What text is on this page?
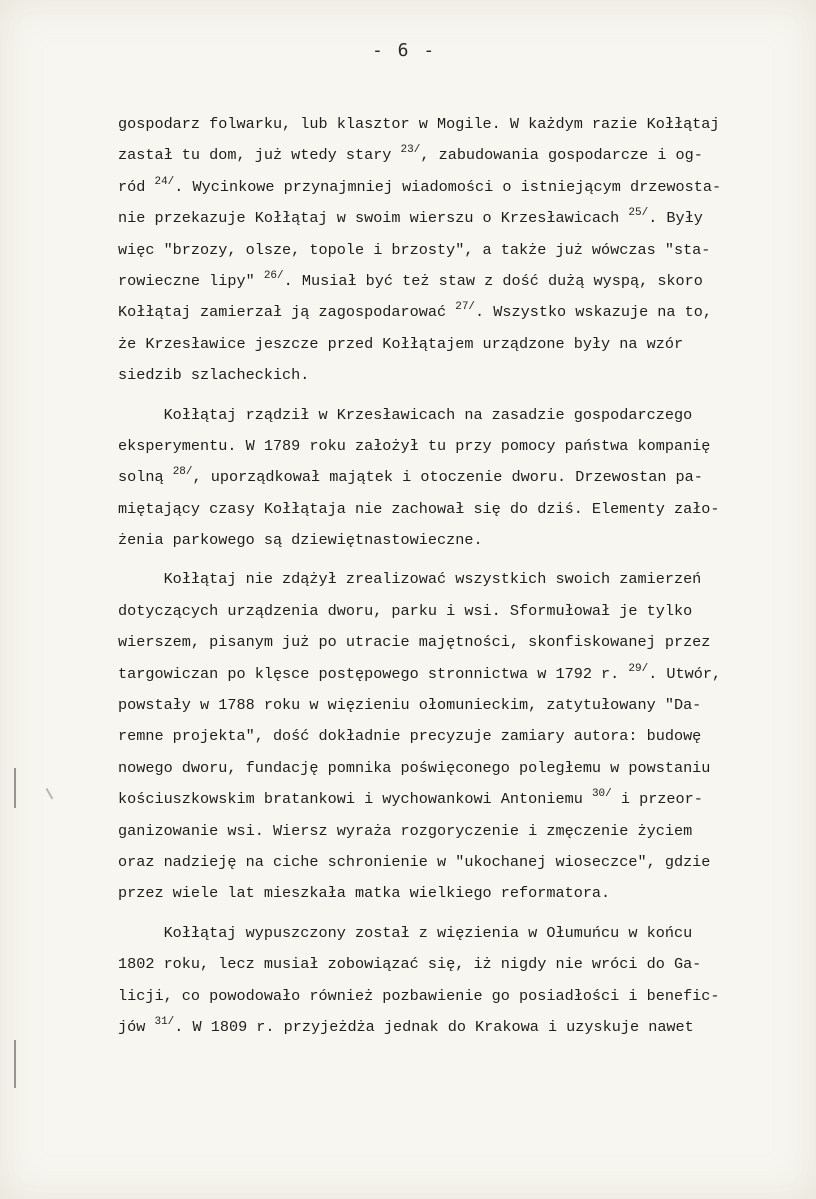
- 6 -
gospodarz folwarku, lub klasztor w Mogile. W każdym razie Kołłątaj
zastał tu dom, już wtedy stary $^{23/}$, zabudowania gospodarcze i og-
ród $^{24/}$. Wycinkowe przynajmniej wiadomości o istniejącym drzewosta-
nie przekazuje Kołłątaj w swoim wierszu o Krzesławicach $^{25/}$. Były
więc "brzozy, olsze, topole i brzosty", a także już wówczas "sta-
rowieczne lipy" $^{26/}$. Musiał być też staw z dość dużą wyspą, skoro
Kołłątaj zamierzał ją zagospodarować $^{27/}$. Wszystko wskazuje na to,
że Krzesławice jeszcze przed Kołłątajem urządzone były na wzór
siedzib szlacheckich.
Kołłątaj rządził w Krzesławicach na zasadzie gospodarczego
eksperymentu. W 1789 roku założył tu przy pomocy państwa kompanię
solną $^{28/}$, uporządkował majątek i otoczenie dworu. Drzewostan pa-
miętający czasy Kołłątaja nie zachował się do dziś. Elementy zało-
żenia parkowego są dziewiętnastowieczne.
Kołłątaj nie zdążył zrealizować wszystkich swoich zamierzeń
dotyczących urządzenia dworu, parku i wsi. Sformułował je tylko
wierszem, pisanym już po utracie majętności, skonfiskowanej przez
targowiczan po klęsce postępowego stronnictwa w 1792 r. $^{29/}$. Utwór,
powstały w 1788 roku w więzieniu ołomunieckim, zatytułowany "Da-
remne projekta", dość dokładnie precyzuje zamiary autora: budowę
nowego dworu, fundację pomnika poświęconego poległemu w powstaniu
kościuszkowskim bratankowi i wychowankowi Antoniemu $^{30/}$ i przeor-
ganizowanie wsi. Wiersz wyraża rozgoryczenie i zmęczenie życiem
oraz nadzieję na ciche schronienie w "ukochanej wioseczce", gdzie
przez wiele lat mieszkała matka wielkiego reformatora.
Kołłątaj wypuszczony został z więzienia w Ołumuńcu w końcu
1802 roku, lecz musiał zobowiązać się, iż nigdy nie wróci do Ga-
licji, co powodowało również pozbawienie go posiadłości i benefic-
jów $^{31/}$. W 1809 r. przyjeżdża jednak do Krakowa i uzyskuje nawet
